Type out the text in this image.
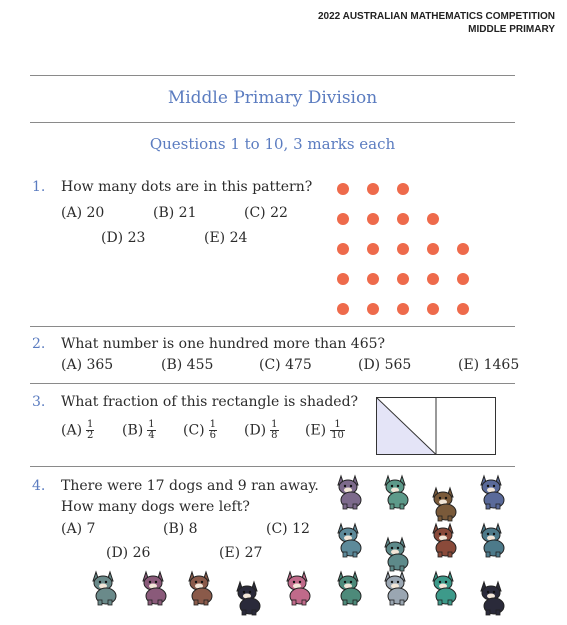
2022 AUSTRALIAN MATHEMATICS COMPETITION
MIDDLE PRIMARY
Middle Primary Division
Questions 1 to 10, 3 marks each
1. How many dots are in this pattern?
(A) 20	(B) 21	(C) 22
(D) 23	(E) 24
2. What number is one hundred more than 465?
(A) 365	(B) 455	(C) 475	(D) 565	(E) 1465
3. What fraction of this rectangle is shaded?
$(A) \frac{1}{2} (B) \frac{1}{4} (C) \frac{1}{6} (D) \frac{1}{8} (E) \frac{1}{10}$
4. There were 17 dogs and 9 ran away.
How many dogs were left?
(A) 7	(B) 8	(C) 12
(D) 26	(E) 27
